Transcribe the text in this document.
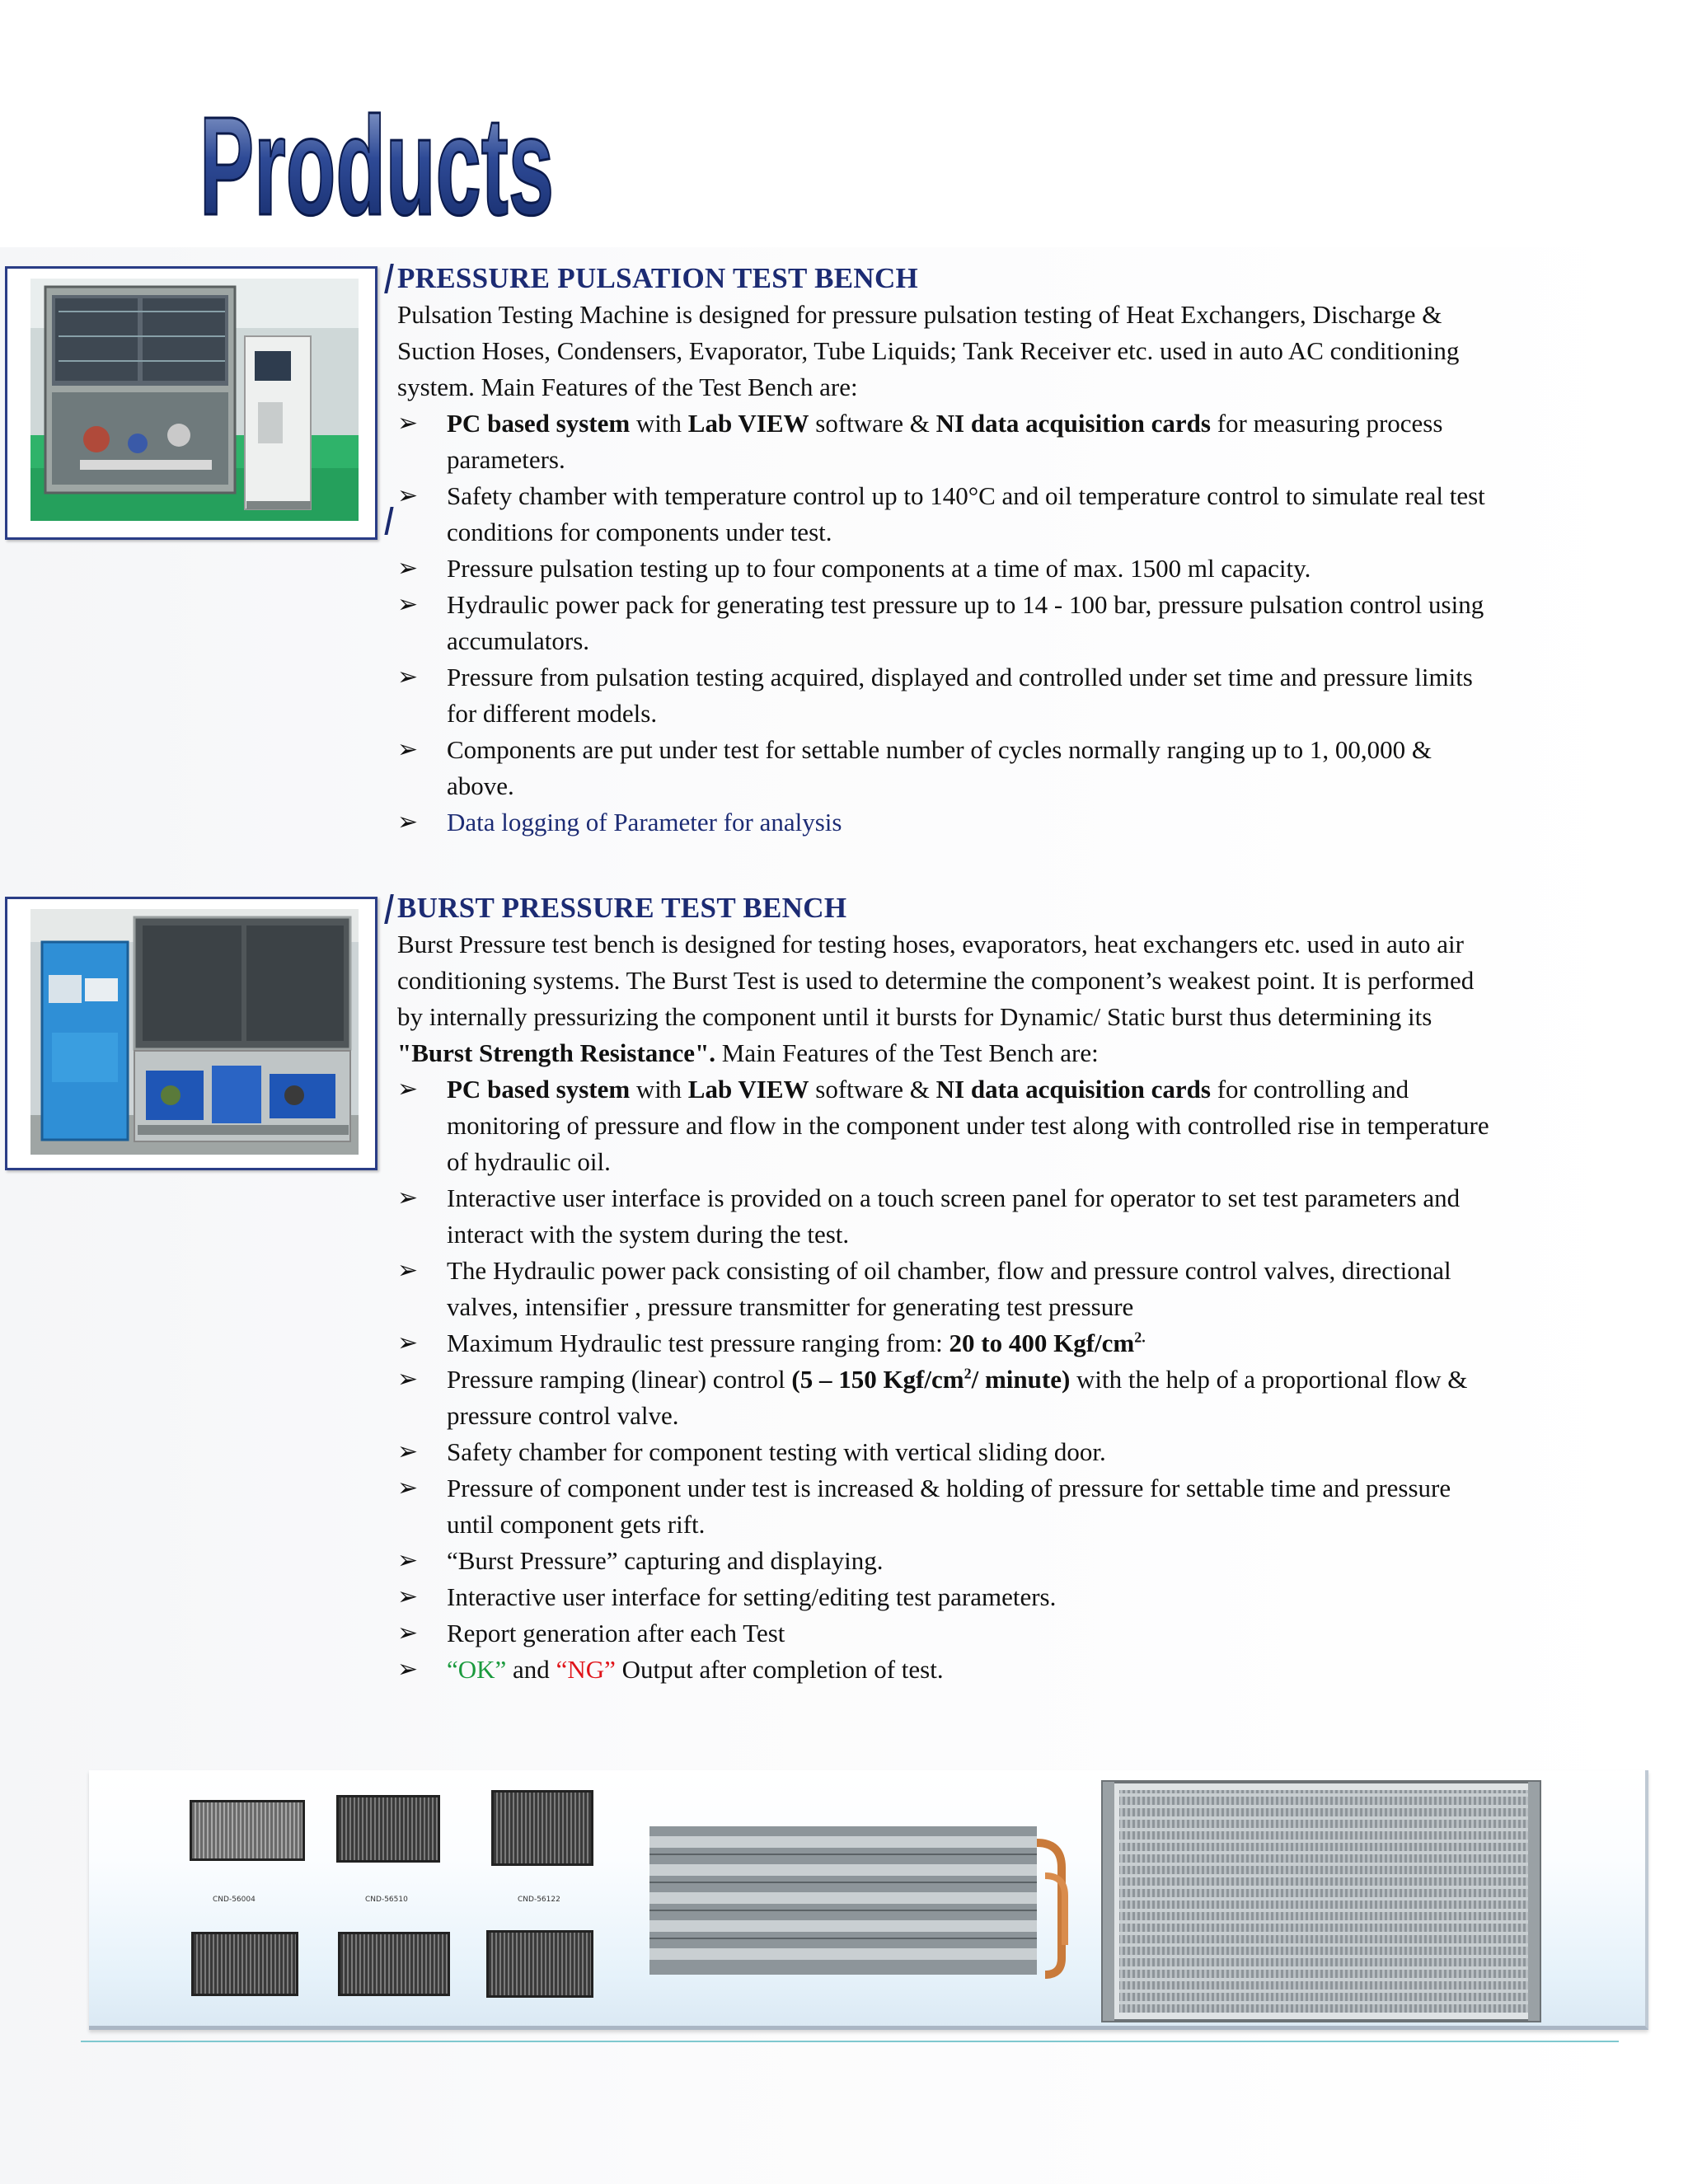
Products
PRESSURE PULSATION TEST BENCH

Pulsation Testing Machine is designed for pressure pulsation testing of Heat Exchangers, Discharge & Suction Hoses, Condensers, Evaporator, Tube Liquids; Tank Receiver etc. used in auto AC conditioning system. Main Features of the Test Bench are:

➢	PC based system with Lab VIEW software & NI data acquisition cards for measuring process parameters.
➢	Safety chamber with temperature control up to 140°C and oil temperature control to simulate real test conditions for components under test.
➢	Pressure pulsation testing up to four components at a time of max. 1500 ml capacity.
➢	Hydraulic power pack for generating test pressure up to 14 - 100 bar, pressure pulsation control using accumulators.
➢	Pressure from pulsation testing acquired, displayed and controlled under set time and pressure limits for different models.
➢	Components are put under test for settable number of cycles normally ranging up to 1, 00,000 & above.
➢	Data logging of Parameter for analysis
BURST PRESSURE TEST BENCH

Burst Pressure test bench is designed for testing hoses, evaporators, heat exchangers etc. used in auto air conditioning systems. The Burst Test is used to determine the component’s weakest point. It is performed by internally pressurizing the component until it bursts for Dynamic/ Static burst thus determining its "Burst Strength Resistance". Main Features of the Test Bench are:

➢	PC based system with Lab VIEW software & NI data acquisition cards for controlling and monitoring of pressure and flow in the component under test along with controlled rise in temperature of hydraulic oil.
➢	Interactive user interface is provided on a touch screen panel for operator to set test parameters and interact with the system during the test.
➢	The Hydraulic power pack consisting of oil chamber, flow and pressure control valves, directional valves, intensifier , pressure transmitter for generating test pressure
➢	Maximum Hydraulic test pressure ranging from: 20 to 400 Kgf/$cm^{2.}$
➢	Pressure ramping (linear) control (5 – 150 Kgf/$cm^2/$ minute) with the help of a proportional flow & pressure control valve.
➢	Safety chamber for component testing with vertical sliding door.
➢	Pressure of component under test is increased & holding of pressure for settable time and pressure until component gets rift.
➢	“Burst Pressure” capturing and displaying.
➢	Interactive user interface for setting/editing test parameters.
➢	Report generation after each Test
➢	“OK” and “NG” Output after completion of test.
CND-56004	CND-56510	CND-56122
